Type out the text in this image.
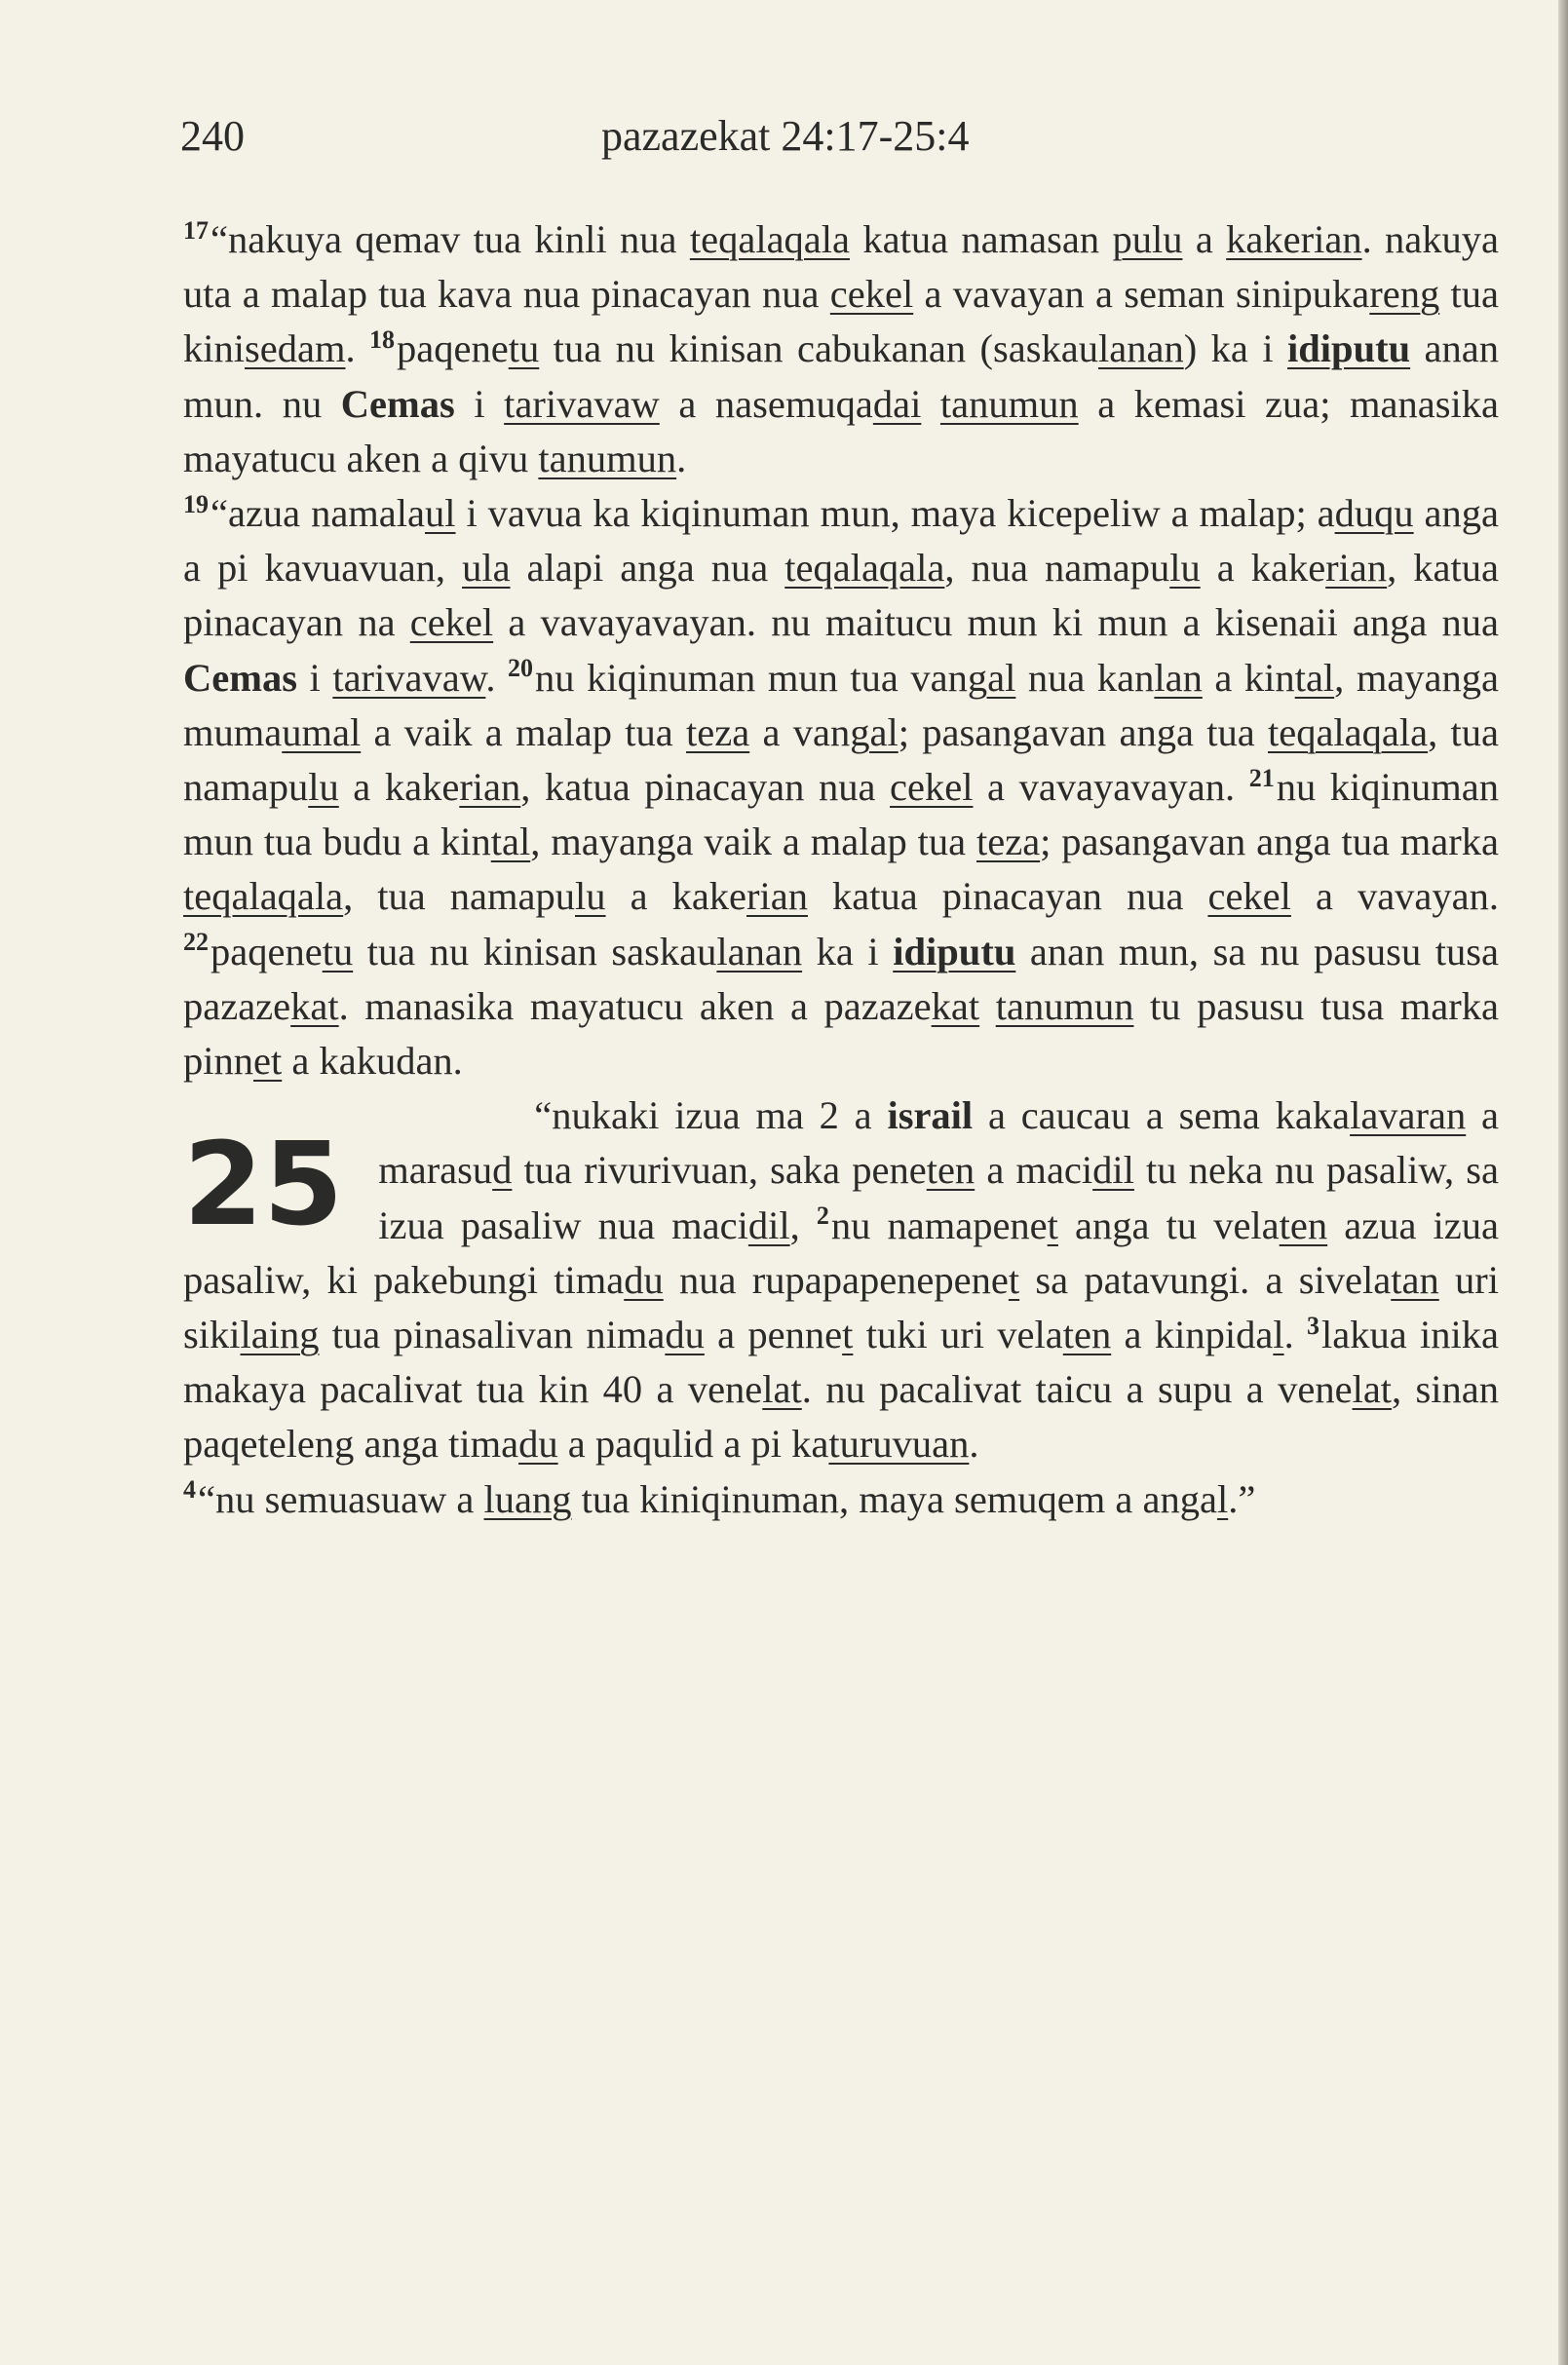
240	pazazekat 24:17-25:4

$^{17}$“nakuya qemav tua kinli nua teqalaqala katua namasan pulu a kakerian. nakuya uta a malap tua kava nua pinacayan nua cekel a vavayan a seman sinipukareng tua kinisedam. $^{18}$paqenetu tua nu kinisan cabukanan (saskaulanan) ka i idiputu anan mun. nu Cemas i tarivavaw a nasemuqadai tanumun a kemasi zua; manasika mayatucu aken a qivu tanumun.

$^{19}$“azua namalaul i vavua ka kiqinuman mun, maya kicepeliw a malap; aduqu anga a pi kavuavuan, ula alapi anga nua teqalaqala, nua namapulu a kakerian, katua pinacayan na cekel a vavayavayan. nu maitucu mun ki mun a kisenaii anga nua Cemas i tarivavaw. $^{20}$nu kiqinuman mun tua vangal nua kanlan a kintal, mayanga mumaumal a vaik a malap tua teza a vangal; pasangavan anga tua teqalaqala, tua namapulu a kakerian, katua pinacayan nua cekel a vavayavayan. $^{21}$nu kiqinuman mun tua budu a kintal, mayanga vaik a malap tua teza; pasangavan anga tua marka teqalaqala, tua namapulu a kakerian katua pinacayan nua cekel a vavayan. $^{22}$paqenetu tua nu kinisan saskaulanan ka i idiputu anan mun, sa nu pasusu tusa pazazekat. manasika mayatucu aken a pazazekat tanumun tu pasusu tusa marka pinnet a kakudan.

25
“nukaki izua ma 2 a israil a caucau a sema kakalavaran a marasud tua rivurivuan, saka peneten a macidil tu neka nu pasaliw, sa izua pasaliw nua macidil, $^2$nu namapenet anga tu velaten azua izua pasaliw, ki pakebungi timadu nua rupapapenepenet sa patavungi. a sivelatan uri sikilaing tua pinasalivan nimadu a pennet tuki uri velaten a kinpidal. $^3$lakua inika makaya pacalivat tua kin 40 a venelat. nu pacalivat taicu a supu a venelat, sinan paqeteleng anga timadu a paqulid a pi katuruvuan.

$^4$“nu semuasuaw a luang tua kiniqinuman, maya semuqem a angal.”
